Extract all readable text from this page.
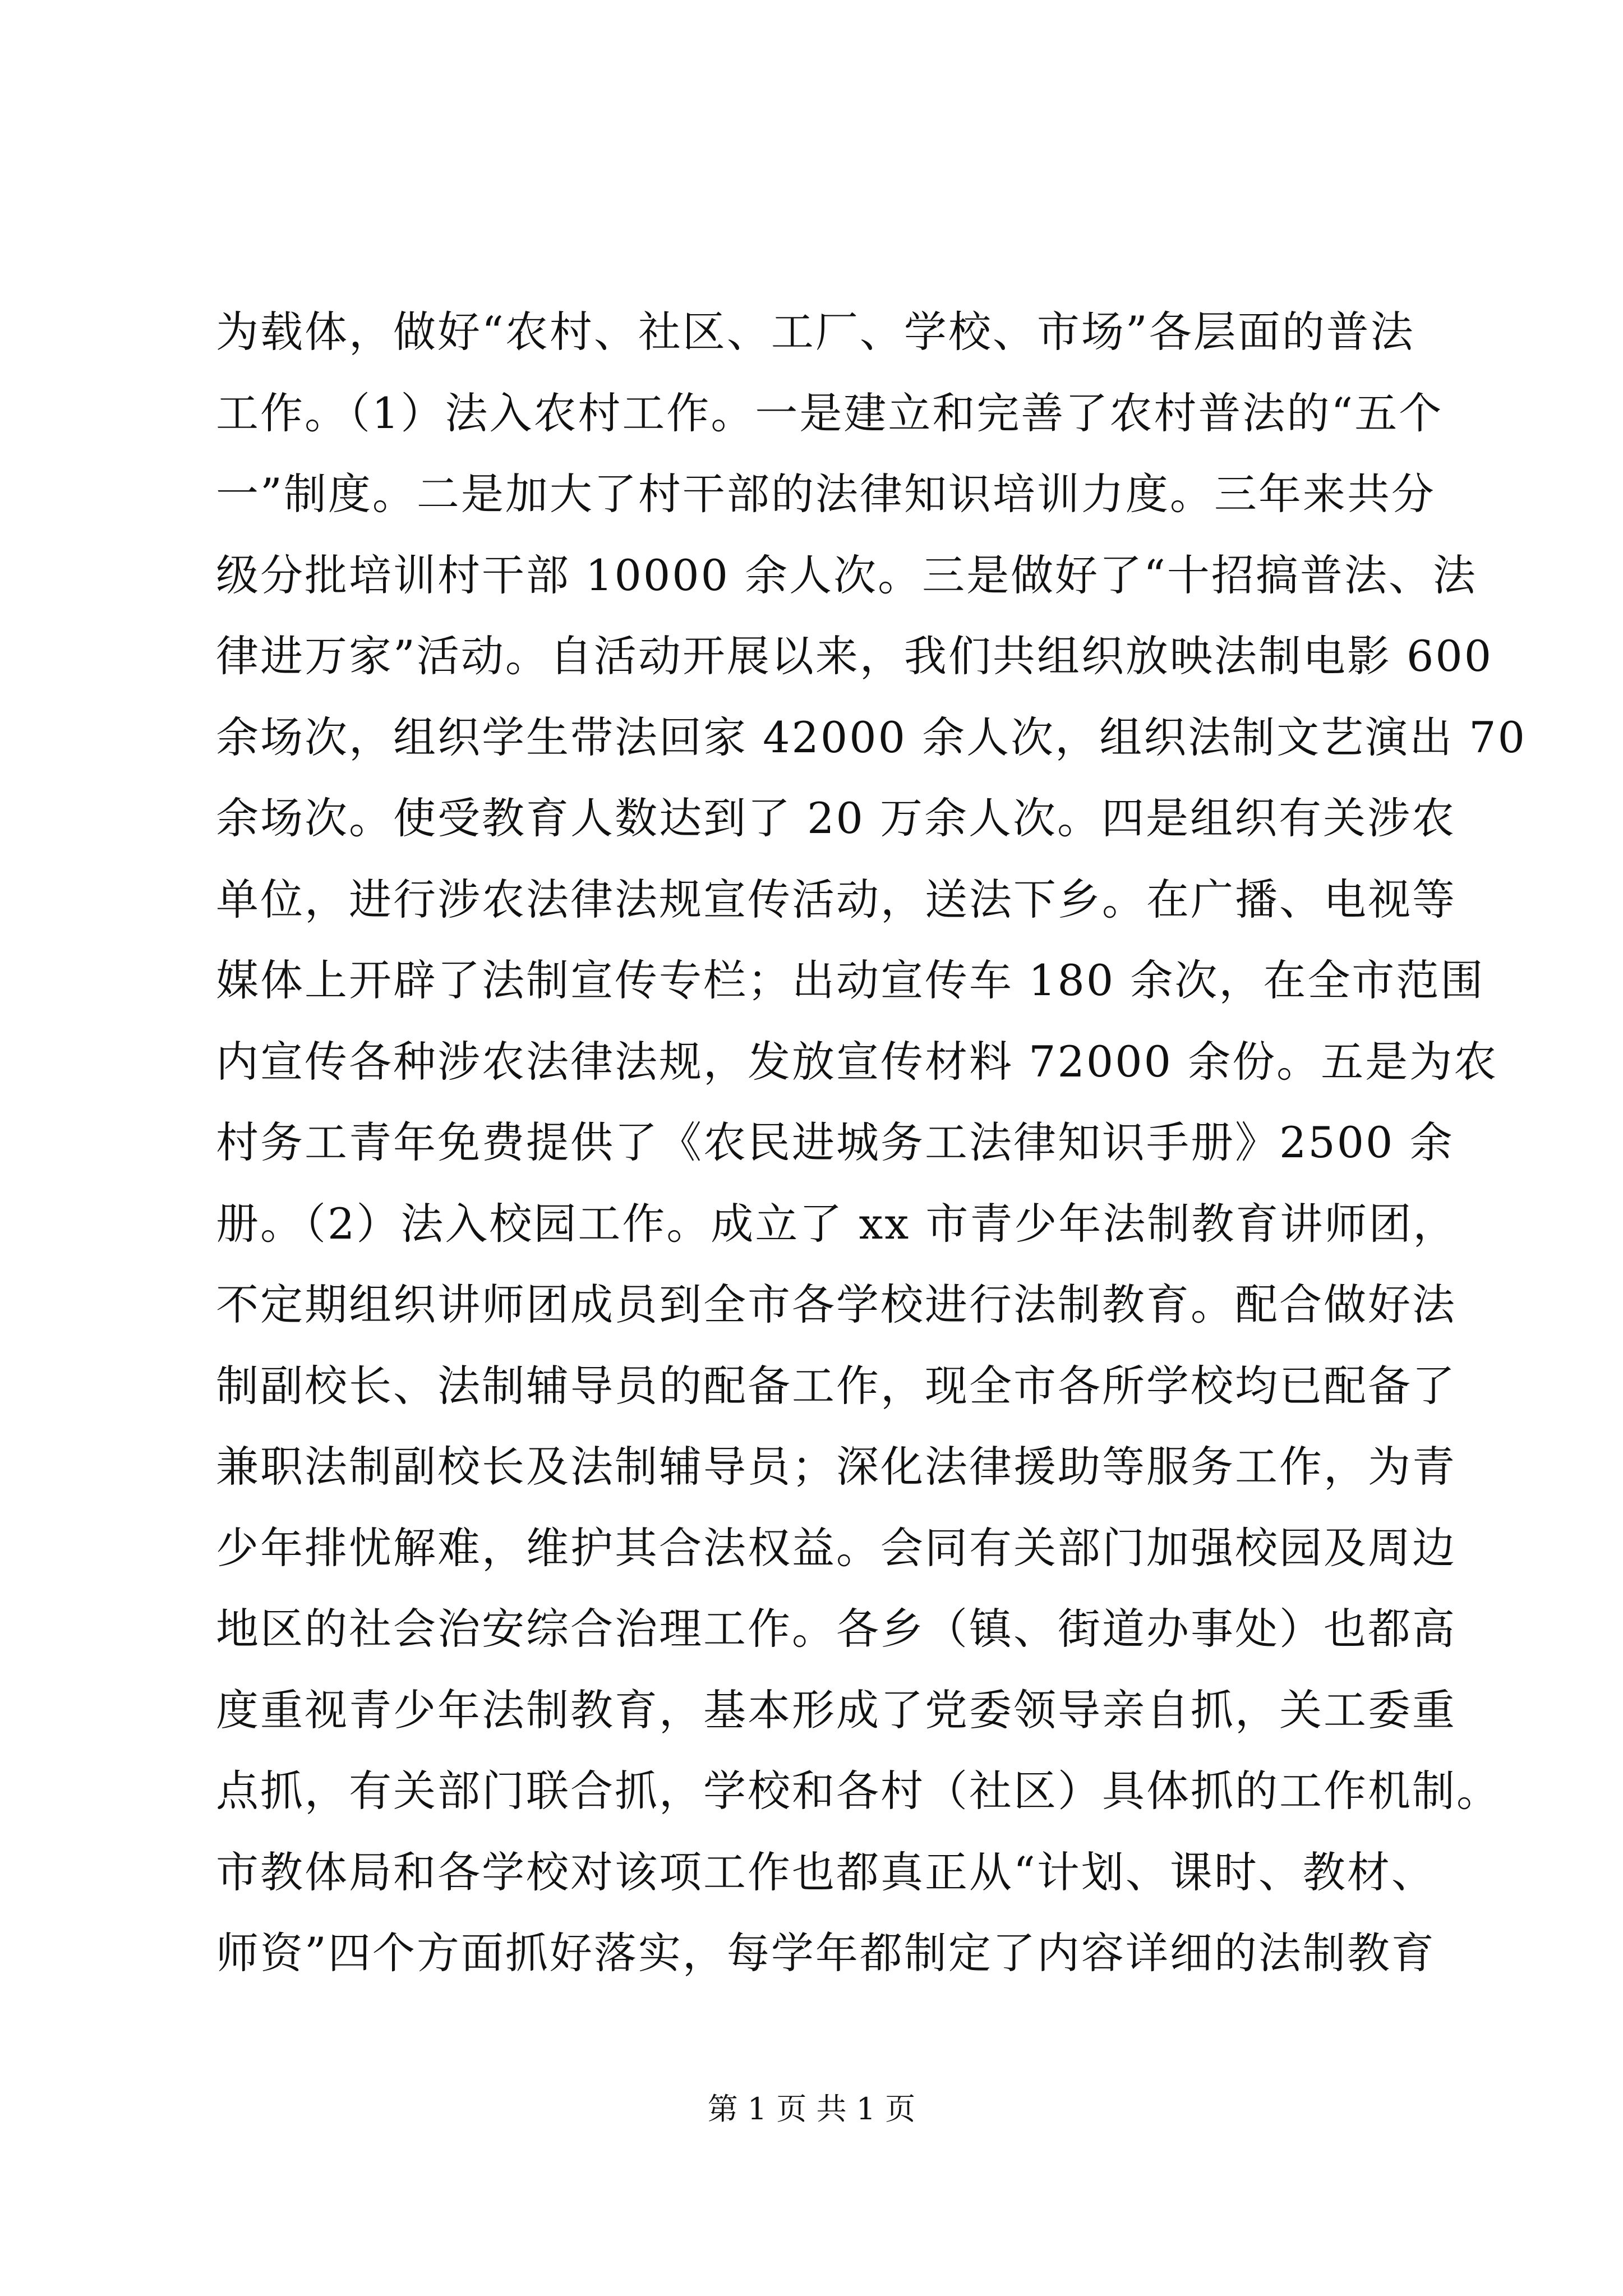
为载体，做好“农村、社区、工厂、学校、市场”各层面的普法
工作。（1）法入农村工作。一是建立和完善了农村普法的“五个
一”制度。二是加大了村干部的法律知识培训力度。三年来共分
级分批培训村干部 10000 余人次。三是做好了“十招搞普法、法
律进万家”活动。自活动开展以来，我们共组织放映法制电影 600
余场次，组织学生带法回家 42000 余人次，组织法制文艺演出 70
余场次。使受教育人数达到了 20 万余人次。四是组织有关涉农
单位，进行涉农法律法规宣传活动，送法下乡。在广播、电视等
媒体上开辟了法制宣传专栏；出动宣传车 180 余次，在全市范围
内宣传各种涉农法律法规，发放宣传材料 72000 余份。五是为农
村务工青年免费提供了《农民进城务工法律知识手册》2500 余
册。（2）法入校园工作。成立了 xx 市青少年法制教育讲师团，
不定期组织讲师团成员到全市各学校进行法制教育。配合做好法
制副校长、法制辅导员的配备工作，现全市各所学校均已配备了
兼职法制副校长及法制辅导员；深化法律援助等服务工作，为青
少年排忧解难，维护其合法权益。会同有关部门加强校园及周边
地区的社会治安综合治理工作。各乡（镇、街道办事处）也都高
度重视青少年法制教育，基本形成了党委领导亲自抓，关工委重
点抓，有关部门联合抓，学校和各村（社区）具体抓的工作机制。
市教体局和各学校对该项工作也都真正从“计划、课时、教材、
师资”四个方面抓好落实，每学年都制定了内容详细的法制教育
第 1 页 共 1 页
